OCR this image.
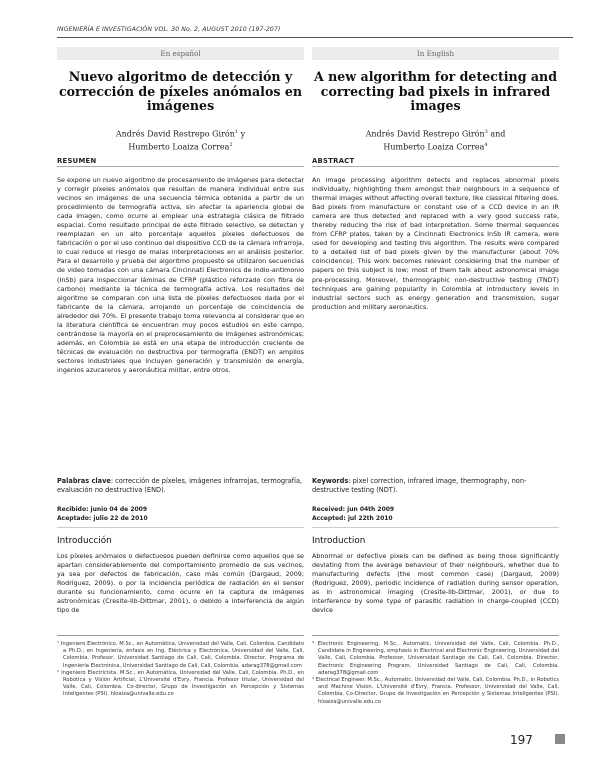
INGENIERÍA E INVESTIGACIÓN VOL. 30 No. 2, AUGUST 2010 (197-207)
En español
Nuevo algoritmo de detección y corrección de píxeles anómalos en imágenes
Andrés David Restrepo Girón$^1$ y
Humberto Loaiza Correa$^2$
RESUMEN
Se expone un nuevo algoritmo de procesamiento de imágenes para detectar y corregir píxeles anómalos que resultan de manera individual entre sus vecinos en imágenes de una secuencia térmica obtenida a partir de un procedimiento de termografía activa, sin afectar la apariencia global de cada imagen, como ocurre al emplear una estrategia clásica de filtrado espacial. Como resultado principal de este filtrado selectivo, se detectan y reemplazan en un alto porcentaje aquellos píxeles defectuosos de fabricación o por el uso continuo del dispositivo CCD de la cámara infrarroja, lo cual reduce el riesgo de malas interpretaciones en el análisis posterior. Para el desarrollo y prueba del algoritmo propuesto se utilizaron secuencias de video tomadas con una cámara Cincinnati Electronics de indio-antimonio (InSb) para inspeccionar láminas de CFRP (plástico reforzado con fibra de carbono) mediante la técnica de termografía activa. Los resultados del algoritmo se comparan con una lista de píxeles defectuosos dada por el fabricante de la cámara, arrojando un porcentaje de coincidencia de alrededor del 70%. El presente trabajo toma relevancia al considerar que en la literatura científica se encuentran muy pocos estudios en este campo, centrándose la mayoría en el preprocesamiento de imágenes astronómicas; además, en Colombia se está en una etapa de introducción creciente de técnicas de evaluación no destructiva por termografía (ENDT) en amplios sectores industriales que incluyen generación y transmisión de energía, ingenios azucareros y aeronáutica militar, entre otros.
Palabras clave: corrección de píxeles, imágenes infrarrojas, termografía, evaluación no destructiva (END).
Recibido: junio 04 de 2009
Aceptado: julio 22 de 2010
Introducción
Los píxeles anómalos o defectuosos pueden definirse como aquellos que se apartan considerablemente del comportamiento promedio de sus vecinos, ya sea por defectos de fabricación, caso más común (Dargaud, 2009; Rodríguez, 2009), o por la incidencia periódica de radiación en el sensor durante su funcionamiento, como ocurre en la captura de imágenes astronómicas (Cresite-Ilb-Dittmar, 2001), o debido a interferencia de algún tipo de

¹ Ingeniero Electrónico. M.Sc., en Automática, Universidad del Valle, Cali, Colombia. Candidato a Ph.D., en Ingeniería, énfasis en Ing. Eléctrica y Electrónica, Universidad del Valle, Cali, Colombia. Profesor, Universidad Santiago de Cali, Cali, Colombia. Director, Programa de Ingeniería Electrónica, Universidad Santiago de Cali, Cali, Colombia. adarag378@gmail.com

² Ingeniero Electricista. M.Sc., en Automática, Universidad del Valle, Cali, Colombia. Ph.D., en Robótica y Visión Artificial, L'Université d'Evry, Francia. Profesor titular, Universidad del Valle, Cali, Colombia. Co-director, Grupo de Investigación en Percepción y Sistemas Inteligentes (PSI). hloaiza@univalle.edu.co

In English
A new algorithm for detecting and correcting bad pixels in infrared images
Andrés David Restrepo Girón$^3$ and
Humberto Loaiza Correa$^4$
ABSTRACT
An image processing algorithm detects and replaces abnormal pixels individually, highlighting them amongst their neighbours in a sequence of thermal images without affecting overall texture, like classical filtering does. Bad pixels from manufacture or constant use of a CCD device in an IR camera are thus detected and replaced with a very good success rate, thereby reducing the risk of bad interpretation. Some thermal sequences from CFRP plates, taken by a Cincinnati Electronics InSb IR camera, were used for developing and testing this algorithm. The results were compared to a detailed list of bad pixels given by the manufacturer (about 70% coincidence). This work becomes relevant considering that the number of papers on this subject is low; most of them talk about astronomical image pre-processing. Moreover, thermographic non-destructive testing (TNDT) techniques are gaining popularity in Colombia at introductory levels in industrial sectors such as energy generation and transmission, sugar production and military aeronautics.
Keywords: pixel correction, infrared image, thermography, non-destructive testing (NDT).
Received: jun 04th 2009
Accepted: jul 22th 2010
Introduction
Abnormal or defective pixels can be defined as being those significantly deviating from the average behaviour of their neighbours, whether due to manufacturing defects (the most common case) (Dargaud, 2009) (Rodriguez, 2009), periodic incidence of radiation during sensor operation, as in astronomical imaging (Cresite-Ilb-Dittmar, 2001), or due to interference by some type of parasitic radiation in charge-coupled (CCD) device

³ Electronic Engineering, M.Sc., Automatic, Universidad del Valle, Cali, Colombia. Ph.D., Candidate in Engineering, emphasis in Electrical and Electronic Engineering, Universidad del Valle, Cali, Colombia. Professor, Universidad Santiago de Cali, Cali, Colombia. Director, Electronic Engineering Program, Universidad Santiago de Cali, Cali, Colombia. adarag378@gmail.com

⁴ Electrical Engineer. M.Sc., Automatic, Universidad del Valle, Cali, Colombia. Ph.D., in Robotics and Machine Vision, L'Université d'Evry, Francia. Professor, Universidad del Valle, Cali, Colombia. Co-Director, Grupo de Investigación en Percepción y Sistemas Inteligentes (PSI). hloaiza@univalle.edu.co

197
